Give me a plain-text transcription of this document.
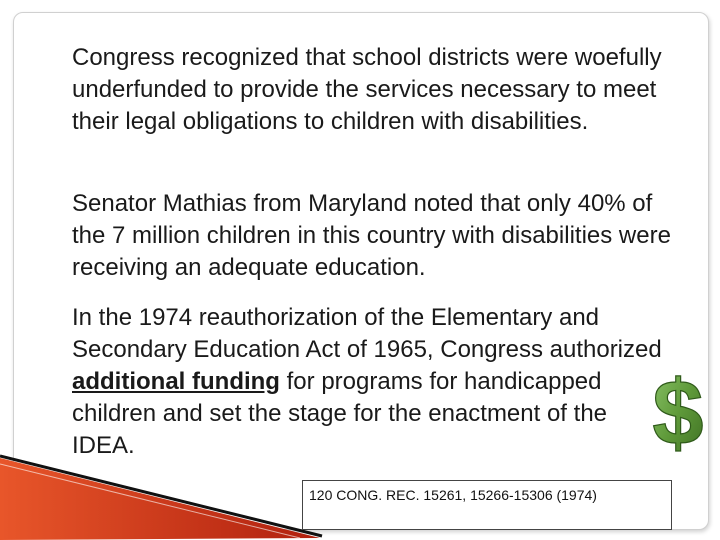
Congress recognized that school districts were woefully underfunded to provide the services necessary to meet their legal obligations to children with disabilities.
Senator Mathias from Maryland noted that only 40% of the 7 million children in this country with disabilities were receiving an adequate education.
In the 1974 reauthorization of the Elementary and Secondary Education Act of 1965, Congress authorized additional funding for programs for handicapped children and set the stage for the enactment of the IDEA.	$
120 CONG. REC. 15261, 15266-15306 (1974)
